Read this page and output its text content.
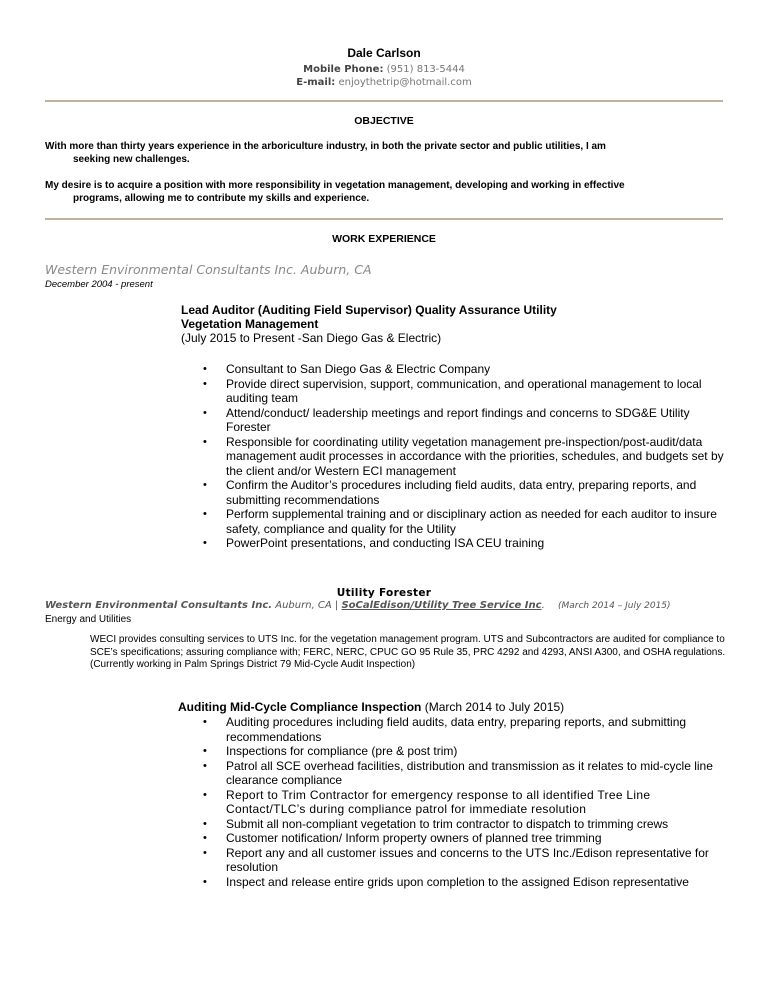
Dale Carlson
Mobile Phone: (951) 813-5444
E-mail: enjoythetrip@hotmail.com
OBJECTIVE
With more than thirty years experience in the arboriculture industry, in both the private sector and public utilities, I am
seeking new challenges.
My desire is to acquire a position with more responsibility in vegetation management, developing and working in effective
programs, allowing me to contribute my skills and experience.
WORK EXPERIENCE
Western Environmental Consultants Inc. Auburn, CA
December 2004 - present
Lead Auditor (Auditing Field Supervisor) Quality Assurance Utility
Vegetation Management
(July 2015 to Present -San Diego Gas & Electric)
• Consultant to San Diego Gas & Electric Company
• Provide direct supervision, support, communication, and operational management to local auditing team
• Attend/conduct/ leadership meetings and report findings and concerns to SDG&E Utility Forester
• Responsible for coordinating utility vegetation management pre-inspection/post-audit/data management audit processes in accordance with the priorities, schedules, and budgets set by the client and/or Western ECI management
• Confirm the Auditor’s procedures including field audits, data entry, preparing reports, and submitting recommendations
• Perform supplemental training and or disciplinary action as needed for each auditor to insure safety, compliance and quality for the Utility
• PowerPoint presentations, and conducting ISA CEU training
Utility Forester
Western Environmental Consultants Inc. Auburn, CA | SoCalEdison/Utility Tree Service Inc. (March 2014 – July 2015)
Energy and Utilities
WECI provides consulting services to UTS Inc. for the vegetation management program. UTS and Subcontractors are audited for compliance to SCE’s specifications; assuring compliance with; FERC, NERC, CPUC GO 95 Rule 35, PRC 4292 and 4293, ANSI A300, and OSHA regulations. (Currently working in Palm Springs District 79 Mid-Cycle Audit Inspection)
Auditing Mid-Cycle Compliance Inspection (March 2014 to July 2015)
• Auditing procedures including field audits, data entry, preparing reports, and submitting recommendations
• Inspections for compliance (pre & post trim)
• Patrol all SCE overhead facilities, distribution and transmission as it relates to mid-cycle line clearance compliance
• Report to Trim Contractor for emergency response to all identified Tree Line Contact/TLC’s during compliance patrol for immediate resolution
• Submit all non-compliant vegetation to trim contractor to dispatch to trimming crews
• Customer notification/ Inform property owners of planned tree trimming
• Report any and all customer issues and concerns to the UTS Inc./Edison representative for resolution
• Inspect and release entire grids upon completion to the assigned Edison representative
